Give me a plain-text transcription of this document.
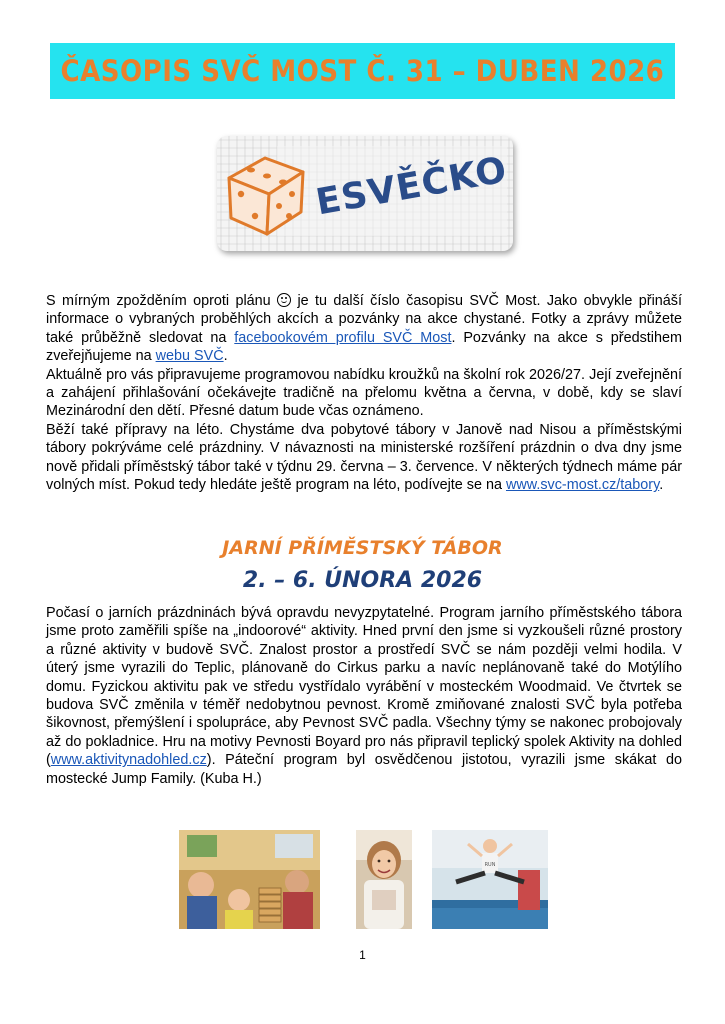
ČASOPIS SVČ MOST Č. 31 – DUBEN 2026
ESVĚČKO

S mírným zpožděním oproti plánu  je tu další číslo časopisu SVČ Most. Jako obvykle přináší informace o vybraných proběhlých akcích a pozvánky na akce chystané. Fotky a zprávy můžete také průběžně sledovat na facebookovém profilu SVČ Most. Pozvánky na akce s předstihem zveřejňujeme na webu SVČ.

Aktuálně pro vás připravujeme programovou nabídku kroužků na školní rok 2026/27. Její zveřejnění a zahájení přihlašování očekávejte tradičně na přelomu května a června, v době, kdy se slaví Mezinárodní den dětí. Přesné datum bude včas oznámeno.

Běží také přípravy na léto. Chystáme dva pobytové tábory v Janově nad Nisou a příměstskými tábory pokrýváme celé prázdniny. V návaznosti na ministerské rozšíření prázdnin o dva dny jsme nově přidali příměstský tábor také v týdnu 29. června – 3. července. V některých týdnech máme pár volných míst. Pokud tedy hledáte ještě program na léto, podívejte se na www.svc-most.cz/tabory.

JARNÍ PŘÍMĚSTSKÝ TÁBOR
2. – 6. ÚNORA 2026

Počasí o jarních prázdninách bývá opravdu nevyzpytatelné. Program jarního příměstského tábora jsme proto zaměřili spíše na „indoorové“ aktivity. Hned první den jsme si vyzkoušeli různé prostory a různé aktivity v budově SVČ. Znalost prostor a prostředí SVČ se nám později velmi hodila. V úterý jsme vyrazili do Teplic, plánovaně do Cirkus parku a navíc neplánovaně také do Motýlího domu. Fyzickou aktivitu pak ve středu vystřídalo vyrábění v mosteckém Woodmaid. Ve čtvrtek se budova SVČ změnila v téměř nedobytnou pevnost. Kromě zmiňované znalosti SVČ byla potřeba šikovnost, přemýšlení i spolupráce, aby Pevnost SVČ padla. Všechny týmy se nakonec probojovaly až do pokladnice. Hru na motivy Pevnosti Boyard pro nás připravil teplický spolek Aktivity na dohled (www.aktivitynadohled.cz). Páteční program byl osvědčenou jistotou, vyrazili jsme skákat do mostecké Jump Family. (Kuba H.)

RUN
1
